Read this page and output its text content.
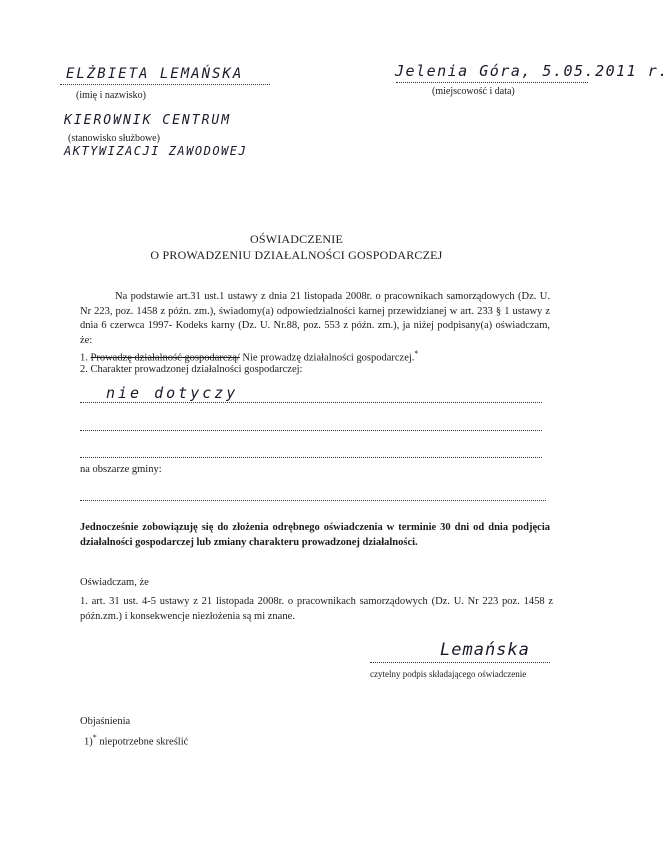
ELŻBIETA LEMAŃSKA
(imię i nazwisko)
Jelenia Góra, 5.05.2011 r.
(miejscowość i data)
KIEROWNIK CENTRUM
(stanowisko służbowe)
AKTYWIZACJI ZAWODOWEJ
OŚWIADCZENIE
O PROWADZENIU DZIAŁALNOŚCI GOSPODARCZEJ
Na podstawie art.31 ust.1 ustawy z dnia 21 listopada 2008r. o pracownikach samorządowych (Dz. U. Nr 223, poz. 1458 z późn. zm.), świadomy(a) odpowiedzialności karnej przewidzianej w art. 233 § 1 ustawy z dnia 6 czerwca 1997- Kodeks karny (Dz. U. Nr.88, poz. 553 z późn. zm.), ja niżej podpisany(a) oświadczam, że:
1. Prowadzę działalność gospodarczą/ Nie prowadzę działalności gospodarczej.*
2. Charakter prowadzonej działalności gospodarczej:
nie dotyczy
na obszarze gminy:
Jednocześnie zobowiązuję się do złożenia odrębnego oświadczenia w terminie 30 dni od dnia podjęcia działalności gospodarczej lub zmiany charakteru prowadzonej działalności.
Oświadczam, że
1. art. 31 ust. 4-5 ustawy z 21 listopada 2008r. o pracownikach samorządowych (Dz. U. Nr 223 poz. 1458 z późn.zm.) i konsekwencje niezłożenia są mi znane.
Lemańska
czytelny podpis składającego oświadczenie
Objaśnienia
1)* niepotrzebne skreślić
